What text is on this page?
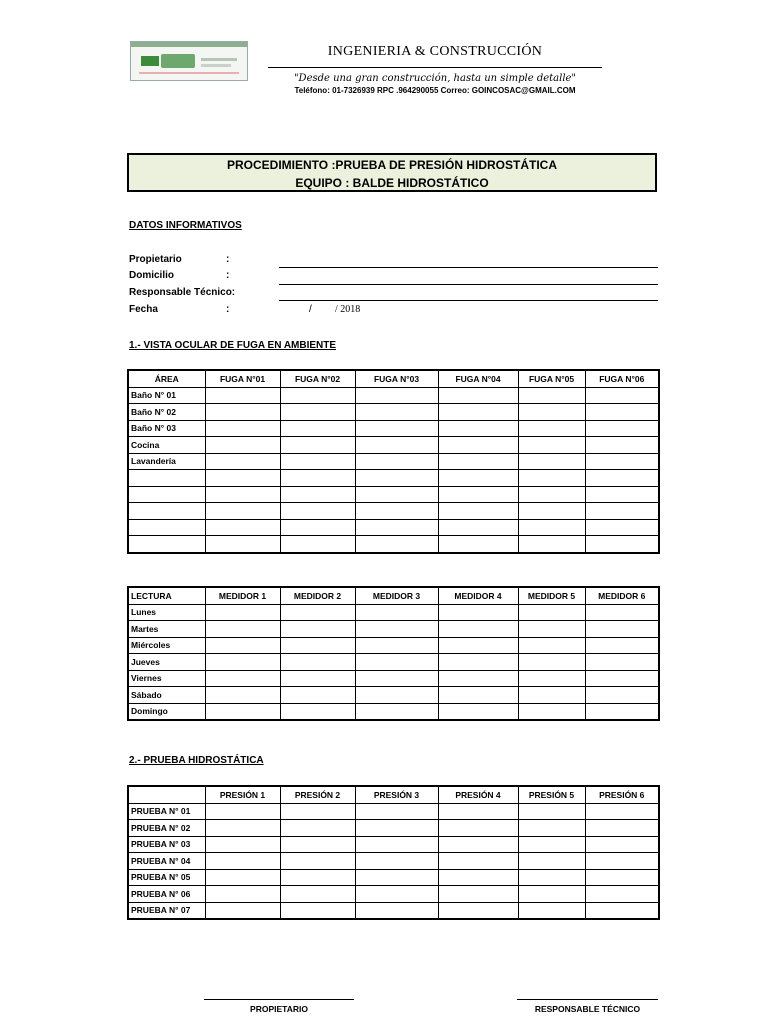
INGENIERIA & CONSTRUCCIÓN
"Desde una gran construcción, hasta un simple detalle"
Teléfono: 01-7326939 RPC .964290055 Correo: GOINCOSAC@GMAIL.COM
PROCEDIMIENTO :PRUEBA DE PRESIÓN HIDROSTÁTICA
EQUIPO : BALDE HIDROSTÁTICO
DATOS INFORMATIVOS
Propietario	:
Domicilio	:
Responsable Técnico:
Fecha	:	/ / 2018
1.- VISTA OCULAR DE FUGA EN AMBIENTE
ÁREA	FUGA N°01	FUGA N°02	FUGA N°03	FUGA N°04	FUGA N°05	FUGA N°06
Baño N° 01						
Baño N° 02						
Baño N° 03						
Cocina						
Lavandería						

LECTURA	MEDIDOR 1	MEDIDOR 2	MEDIDOR 3	MEDIDOR 4	MEDIDOR 5	MEDIDOR 6
Lunes						
Martes						
Miércoles						
Jueves						
Viernes						
Sábado						
Domingo						
2.- PRUEBA HIDROSTÁTICA
	PRESIÓN 1	PRESIÓN 2	PRESIÓN 3	PRESIÓN 4	PRESIÓN 5	PRESIÓN 6
PRUEBA N° 01						
PRUEBA N° 02						
PRUEBA N° 03						
PRUEBA N° 04						
PRUEBA N° 05						
PRUEBA N° 06						
PRUEBA N° 07						
PROPIETARIO	RESPONSABLE TÉCNICO
